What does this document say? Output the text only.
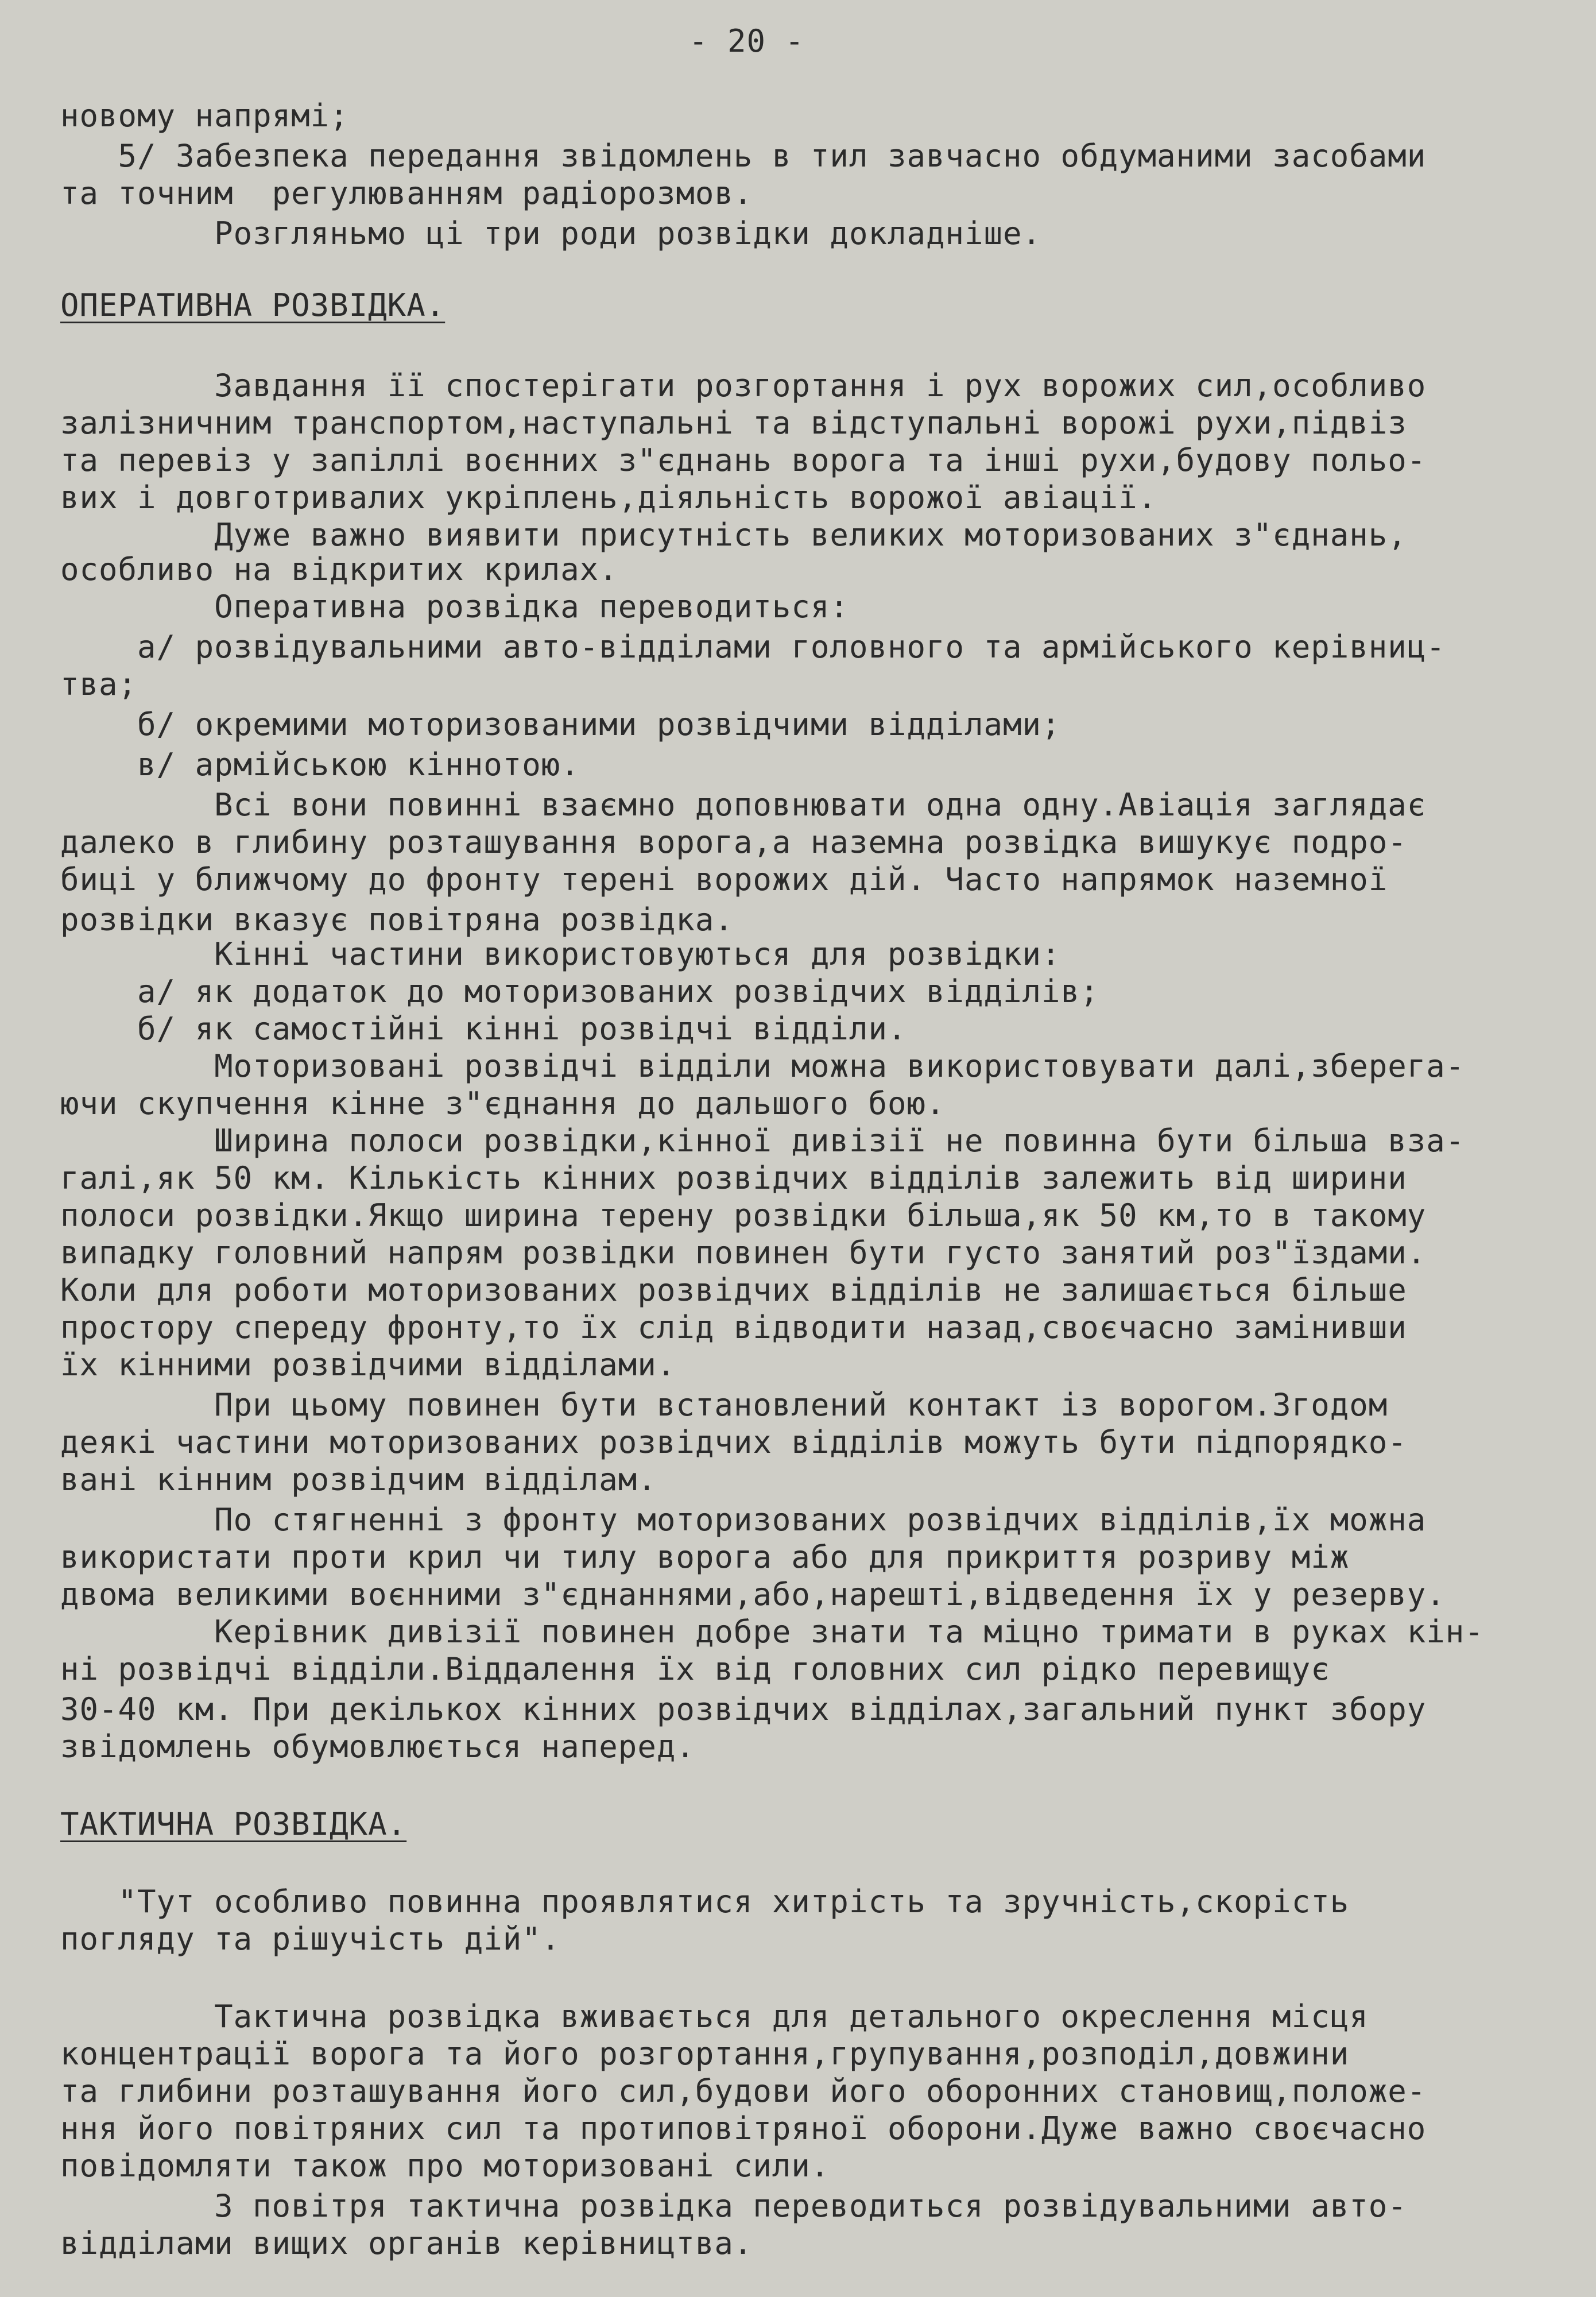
- 20 -

новому напрямі;

5/ Забезпека передання звідомлень в тил завчасно обдуманими засобами

та точним  регулюванням радіорозмов.

Розгляньмо ці три роди розвідки докладніше.

ОПЕРАТИВНА РОЗВІДКА.

Завдання її спостерігати розгортання і рух ворожих сил,особливо

залізничним транспортом,наступальні та відступальні ворожі рухи,підвіз

та перевіз у запіллі воєнних з"єднань ворога та інші рухи,будову польо-

вих і довготривалих укріплень,діяльність ворожої авіації.

Дуже важно виявити присутність великих моторизованих з"єднань,

особливо на відкритих крилах.

Оперативна розвідка переводиться:

а/ розвідувальними авто-відділами головного та армійського керівниц-

тва;

б/ окремими моторизованими розвідчими відділами;

в/ армійською кіннотою.

Всі вони повинні взаємно доповнювати одна одну.Авіація заглядає

далеко в глибину розташування ворога,а наземна розвідка вишукує подро-

биці у ближчому до фронту терені ворожих дій. Часто напрямок наземної

розвідки вказує повітряна розвідка.

Кінні частини використовуються для розвідки:

а/ як додаток до моторизованих розвідчих відділів;

б/ як самостійні кінні розвідчі відділи.

Моторизовані розвідчі відділи можна використовувати далі,зберега-

ючи скупчення кінне з"єднання до дальшого бою.

Ширина полоси розвідки,кінної дивізії не повинна бути більша вза-

галі,як 50 км. Кількість кінних розвідчих відділів залежить від ширини

полоси розвідки.Якщо ширина терену розвідки більша,як 50 км,то в такому

випадку головний напрям розвідки повинен бути густо занятий роз"їздами.

Коли для роботи моторизованих розвідчих відділів не залишається більше

простору спереду фронту,то їх слід відводити назад,своєчасно замінивши

їх кінними розвідчими відділами.

При цьому повинен бути встановлений контакт із ворогом.Згодом

деякі частини моторизованих розвідчих відділів можуть бути підпорядко-

вані кінним розвідчим відділам.

По стягненні з фронту моторизованих розвідчих відділів,їх можна

використати проти крил чи тилу ворога або для прикриття розриву між

двома великими воєнними з"єднаннями,або,нарешті,відведення їх у резерву.

Керівник дивізії повинен добре знати та міцно тримати в руках кін-

ні розвідчі відділи.Віддалення їх від головних сил рідко перевищує

30-40 км. При декількох кінних розвідчих відділах,загальний пункт збору

звідомлень обумовлюється наперед.

ТАКТИЧНА РОЗВІДКА.

"Тут особливо повинна проявлятися хитрість та зручність,скорість

погляду та рішучість дій".

Тактична розвідка вживається для детального окреслення місця

концентрації ворога та його розгортання,групування,розподіл,довжини

та глибини розташування його сил,будови його оборонних становищ,положе-

ння його повітряних сил та протиповітряної оборони.Дуже важно своєчасно

повідомляти також про моторизовані сили.

З повітря тактична розвідка переводиться розвідувальними авто-

відділами вищих органів керівництва.
